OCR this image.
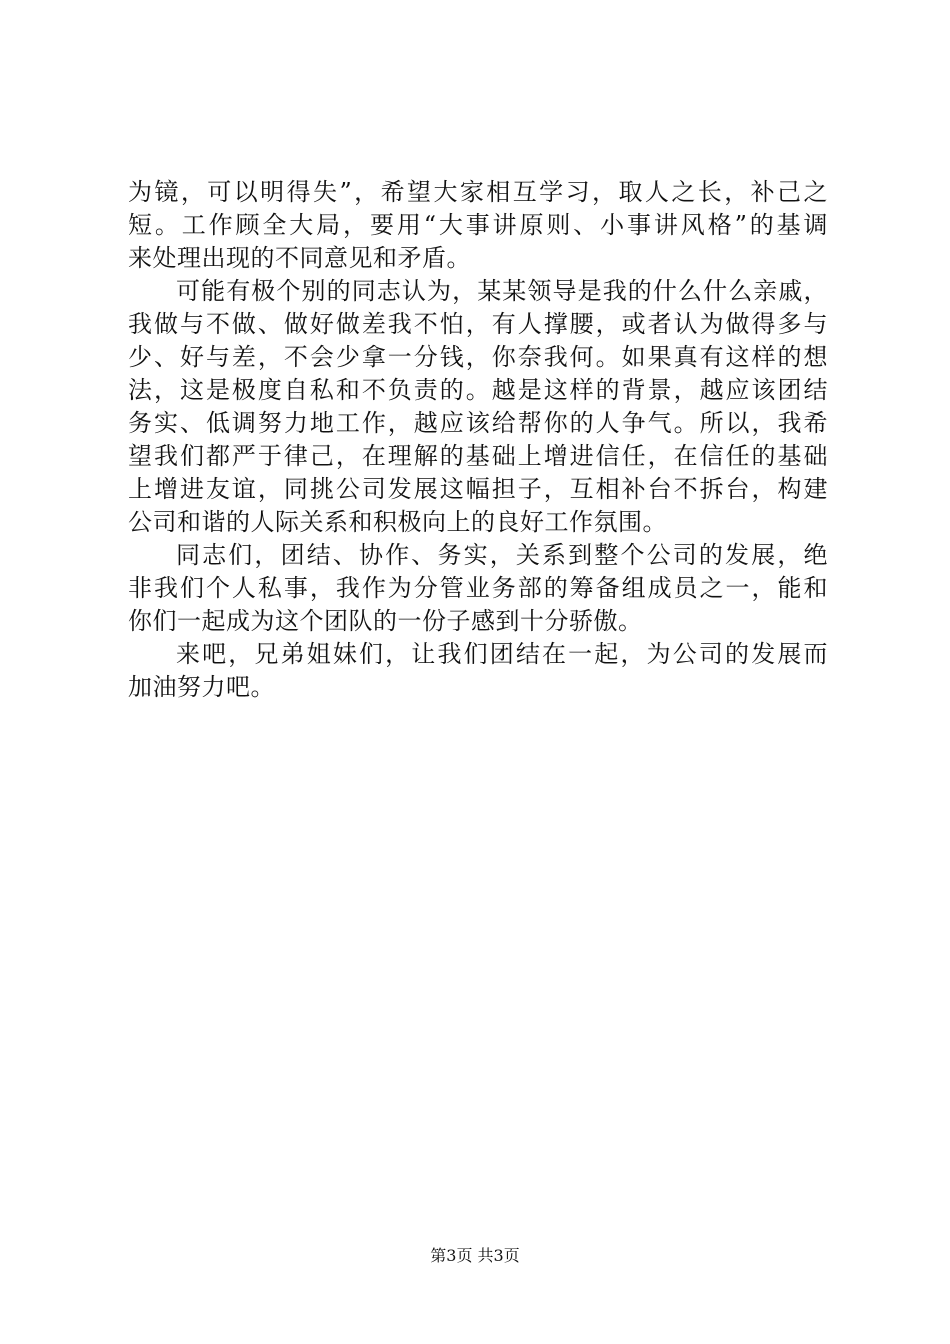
为镜，可以明得失”，希望大家相互学习，取人之长，补己之
短。工作顾全大局，要用“大事讲原则、小事讲风格”的基调
来处理出现的不同意见和矛盾。
可能有极个别的同志认为，某某领导是我的什么什么亲戚，
我做与不做、做好做差我不怕，有人撑腰，或者认为做得多与
少、好与差，不会少拿一分钱，你奈我何。如果真有这样的想
法，这是极度自私和不负责的。越是这样的背景，越应该团结
务实、低调努力地工作，越应该给帮你的人争气。所以，我希
望我们都严于律己，在理解的基础上增进信任，在信任的基础
上增进友谊，同挑公司发展这幅担子，互相补台不拆台，构建
公司和谐的人际关系和积极向上的良好工作氛围。
同志们，团结、协作、务实，关系到整个公司的发展，绝
非我们个人私事，我作为分管业务部的筹备组成员之一，能和
你们一起成为这个团队的一份子感到十分骄傲。
来吧，兄弟姐妹们，让我们团结在一起，为公司的发展而
加油努力吧。
第3页 共3页
